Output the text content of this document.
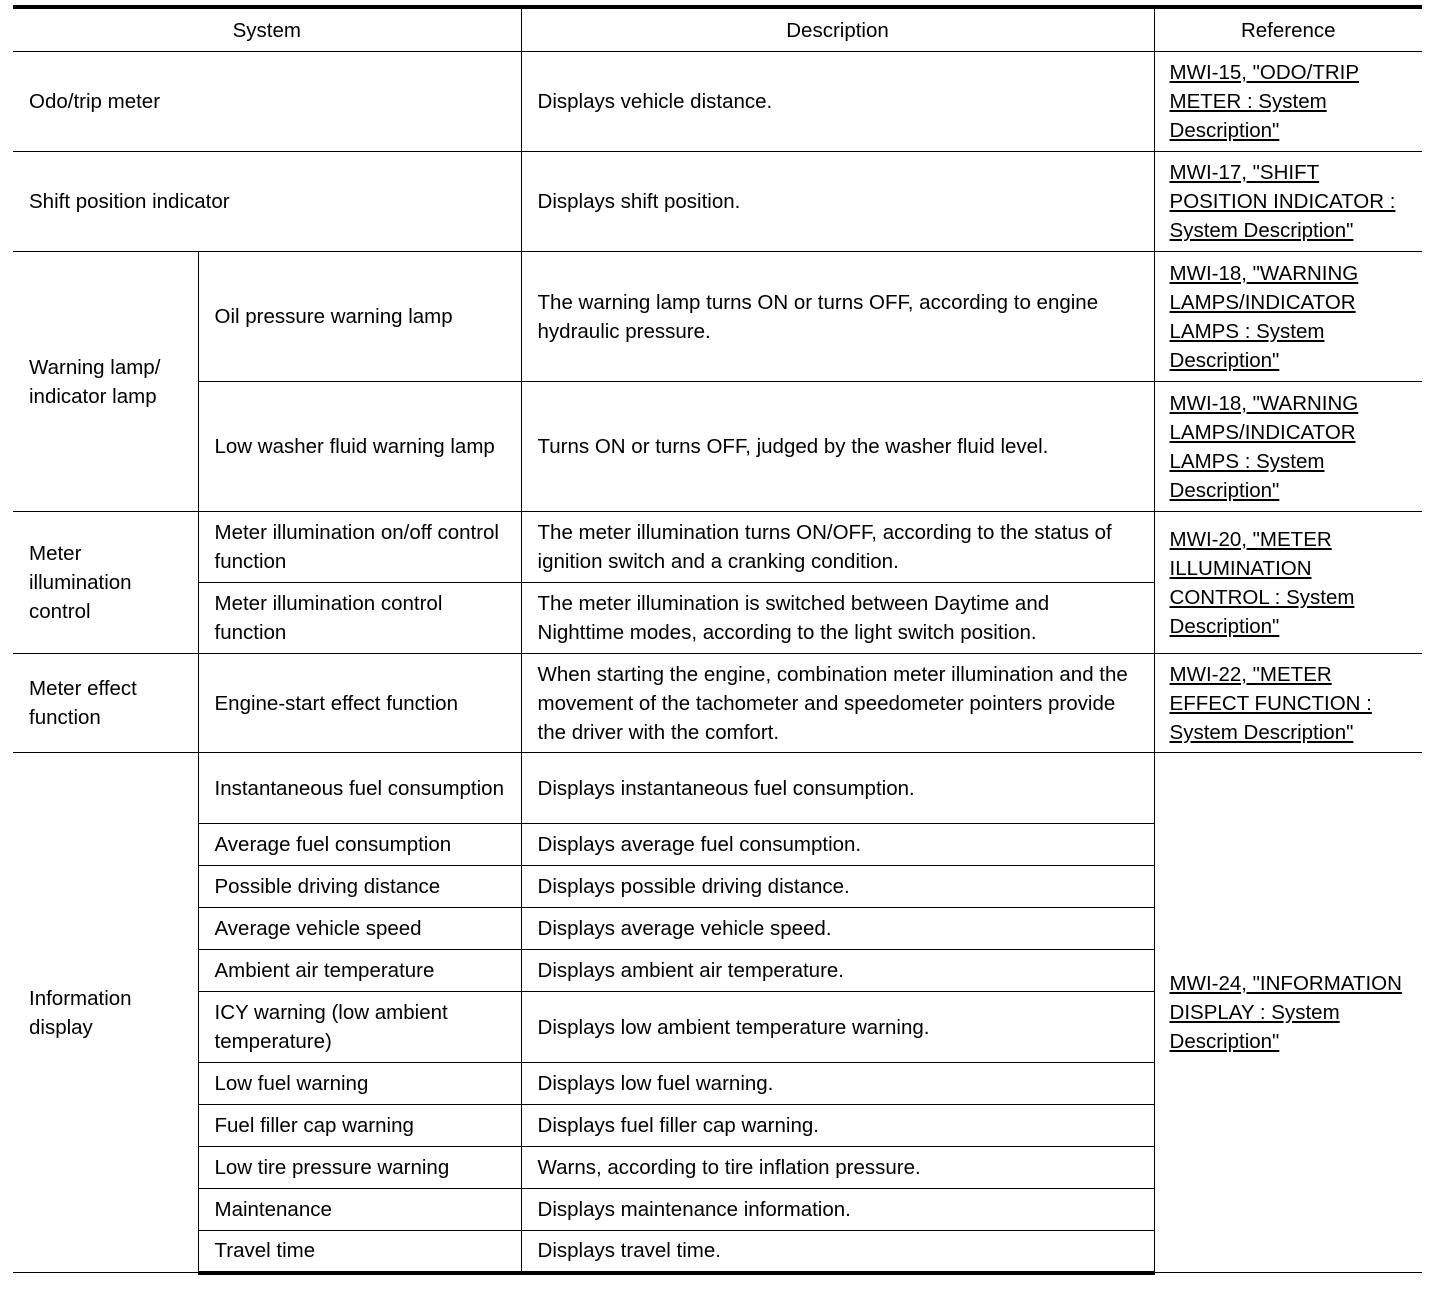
System		Description	Reference
Odo/trip meter		Displays vehicle distance.	MWI-15, "ODO/TRIP METER : System Description"
Shift position indicator		Displays shift position.	MWI-17, "SHIFT POSITION INDICATOR : System Description"
Warning lamp/ indicator lamp	Oil pressure warning lamp	The warning lamp turns ON or turns OFF, according to engine hydraulic pressure.	MWI-18, "WARNING LAMPS/INDICATOR LAMPS : System Description"
	Low washer fluid warning lamp	Turns ON or turns OFF, judged by the washer fluid level.	MWI-18, "WARNING LAMPS/INDICATOR LAMPS : System Description"
Meter illumination control	Meter illumination on/off control function	The meter illumination turns ON/OFF, according to the status of ignition switch and a cranking condition.	MWI-20, "METER ILLUMINATION CONTROL : System Description"
	Meter illumination control function	The meter illumination is switched between Daytime and Nighttime modes, according to the light switch position.	
Meter effect function	Engine-start effect function	When starting the engine, combination meter illumination and the movement of the tachometer and speedometer pointers provide the driver with the comfort.	MWI-22, "METER EFFECT FUNCTION : System Description"
Information display	Instantaneous fuel consumption	Displays instantaneous fuel consumption.	MWI-24, "INFORMATION DISPLAY : System Description"
	Average fuel consumption	Displays average fuel consumption.	
	Possible driving distance	Displays possible driving distance.	
	Average vehicle speed	Displays average vehicle speed.	
	Ambient air temperature	Displays ambient air temperature.	
	ICY warning (low ambient temperature)	Displays low ambient temperature warning.	
	Low fuel warning	Displays low fuel warning.	
	Fuel filler cap warning	Displays fuel filler cap warning.	
	Low tire pressure warning	Warns, according to tire inflation pressure.	
	Maintenance	Displays maintenance information.	
	Travel time	Displays travel time.	
